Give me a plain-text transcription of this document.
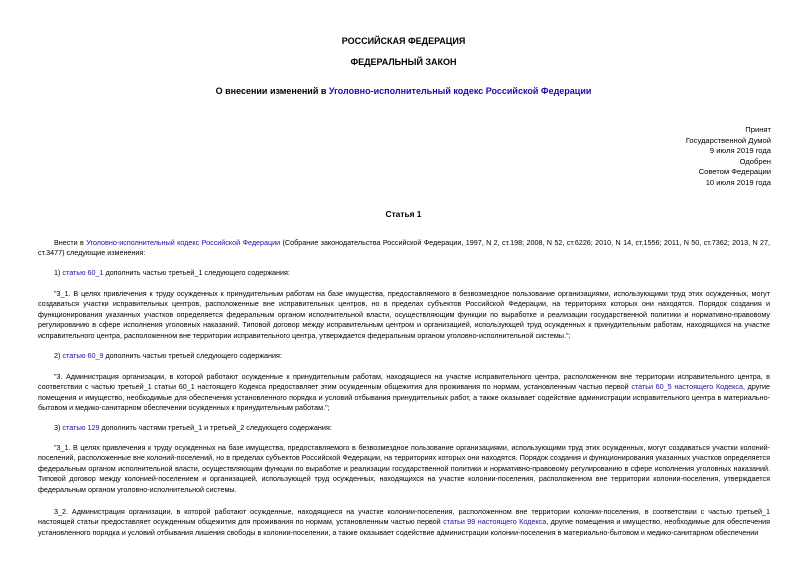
РОССИЙСКАЯ ФЕДЕРАЦИЯ
ФЕДЕРАЛЬНЫЙ ЗАКОН
О внесении изменений в Уголовно-исполнительный кодекс Российской Федерации
Принят
Государственной Думой
9 июля 2019 года
Одобрен
Советом Федерации
10 июля 2019 года
Статья 1
Внести в Уголовно-исполнительный кодекс Российской Федерации (Собрание законодательства Российской Федерации, 1997, N 2, ст.198; 2008, N 52, ст.6226; 2010, N 14, ст.1556; 2011, N 50, ст.7362; 2013, N 27, ст.3477) следующие изменения:
1) статью 60_1 дополнить частью третьей_1 следующего содержания:
"3_1. В целях привлечения к труду осужденных к принудительным работам на базе имущества, предоставляемого в безвозмездное пользование организациями, использующими труд этих осужденных, могут создаваться участки исправительных центров, расположенные вне исправительных центров, но в пределах субъектов Российской Федерации, на территориях которых они находятся. Порядок создания и функционирования указанных участков определяется федеральным органом исполнительной власти, осуществляющим функции по выработке и реализации государственной политики и нормативно-правовому регулированию в сфере исполнения уголовных наказаний. Типовой договор между исправительным центром и организацией, использующей труд осужденных к принудительным работам, находящихся на участке исправительного центра, расположенном вне территории исправительного центра, утверждается федеральным органом уголовно-исполнительной системы.";
2) статью 60_9 дополнить частью третьей следующего содержания:
"3. Администрация организации, в которой работают осужденные к принудительным работам, находящиеся на участке исправительного центра, расположенном вне территории исправительного центра, в соответствии с частью третьей_1 статьи 60_1 настоящего Кодекса предоставляет этим осужденным общежития для проживания по нормам, установленным частью первой статьи 60_5 настоящего Кодекса, другие помещения и имущество, необходимые для обеспечения установленного порядка и условий отбывания принудительных работ, а также оказывает содействие администрации исправительного центра в материально-бытовом и медико-санитарном обеспечении осужденных к принудительным работам.";
3) статью 129 дополнить частями третьей_1 и третьей_2 следующего содержания:
"3_1. В целях привлечения к труду осужденных на базе имущества, предоставляемого в безвозмездное пользование организациями, использующими труд этих осужденных, могут создаваться участки колоний-поселений, расположенные вне колоний-поселений, но в пределах субъектов Российской Федерации, на территориях которых они находятся. Порядок создания и функционирования указанных участков определяется федеральным органом исполнительной власти, осуществляющим функции по выработке и реализации государственной политики и нормативно-правовому регулированию в сфере исполнения уголовных наказаний. Типовой договор между колонией-поселением и организацией, использующей труд осужденных, находящихся на участке колонии-поселения, расположенном вне территории колонии-поселения, утверждается федеральным органом уголовно-исполнительной системы.
3_2. Администрация организации, в которой работают осужденные, находящиеся на участке колонии-поселения, расположенном вне территории колонии-поселения, в соответствии с частью третьей_1 настоящей статьи предоставляет осужденным общежития для проживания по нормам, установленным частью первой статьи 99 настоящего Кодекса, другие помещения и имущество, необходимые для обеспечения установленного порядка и условий отбывания лишения свободы в колонии-поселении, а также оказывает содействие администрации колонии-поселения в материально-бытовом и медико-санитарном обеспечении
